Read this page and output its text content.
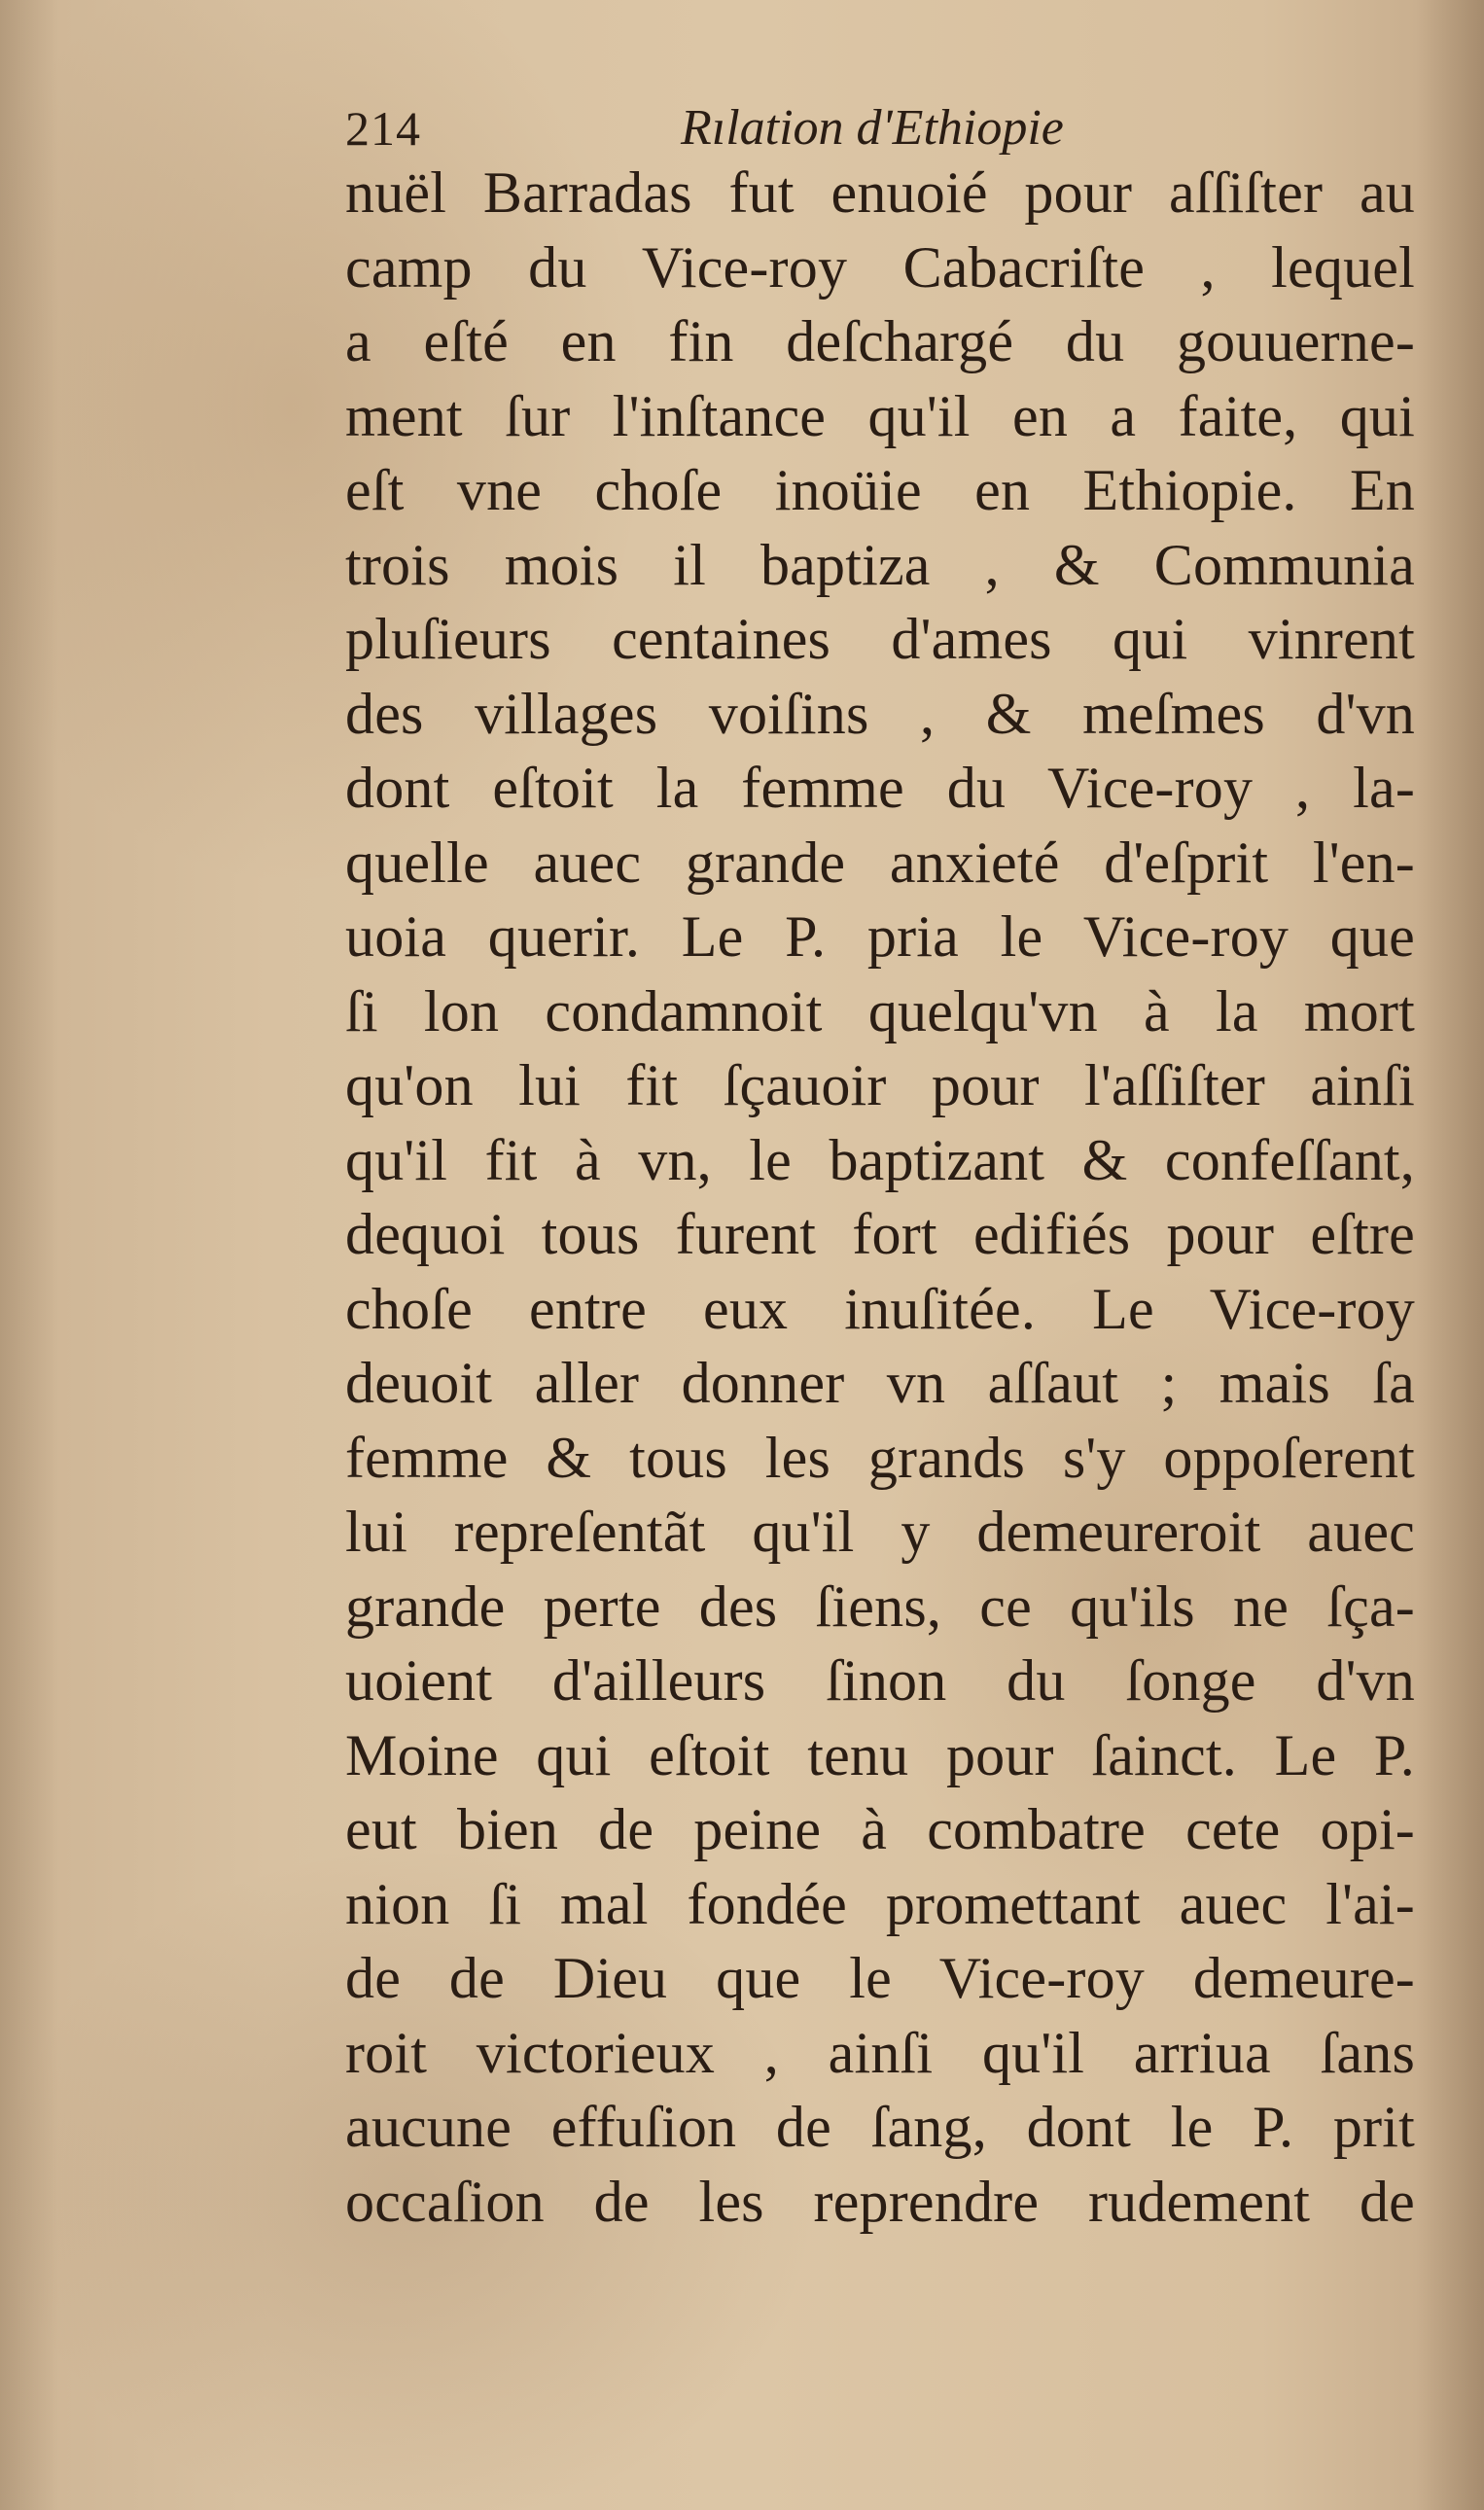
214	Rılation d'Ethiopie
nuël Barradas fut enuoié pour aſſiſter au
camp du Vice-roy Cabacriſte , lequel
a eſté en fin deſchargé du gouuerne-
ment ſur l'inſtance qu'il en a faite, qui
eſt vne choſe inoüie en Ethiopie. En
trois mois il baptiza , & Communia
pluſieurs centaines d'ames qui vinrent
des villages voiſins , & meſmes d'vn
dont eſtoit la femme du Vice-roy , la-
quelle auec grande anxieté d'eſprit l'en-
uoia querir. Le P. pria le Vice-roy que
ſi lon condamnoit quelqu'vn à la mort
qu'on lui fit ſçauoir pour l'aſſiſter ainſi
qu'il fit à vn, le baptizant & confeſſant,
dequoi tous furent fort edifiés pour eſtre
choſe entre eux inuſitée. Le Vice-roy
deuoit aller donner vn aſſaut ; mais ſa
femme & tous les grands s'y oppoſerent
lui repreſentãt qu'il y demeureroit auec
grande perte des ſiens, ce qu'ils ne ſça-
uoient d'ailleurs ſinon du ſonge d'vn
Moine qui eſtoit tenu pour ſainct. Le P.
eut bien de peine à combatre cete opi-
nion ſi mal fondée promettant auec l'ai-
de de Dieu que le Vice-roy demeure-
roit victorieux , ainſi qu'il arriua ſans
aucune effuſion de ſang, dont le P. prit
occaſion de les reprendre rudement de
